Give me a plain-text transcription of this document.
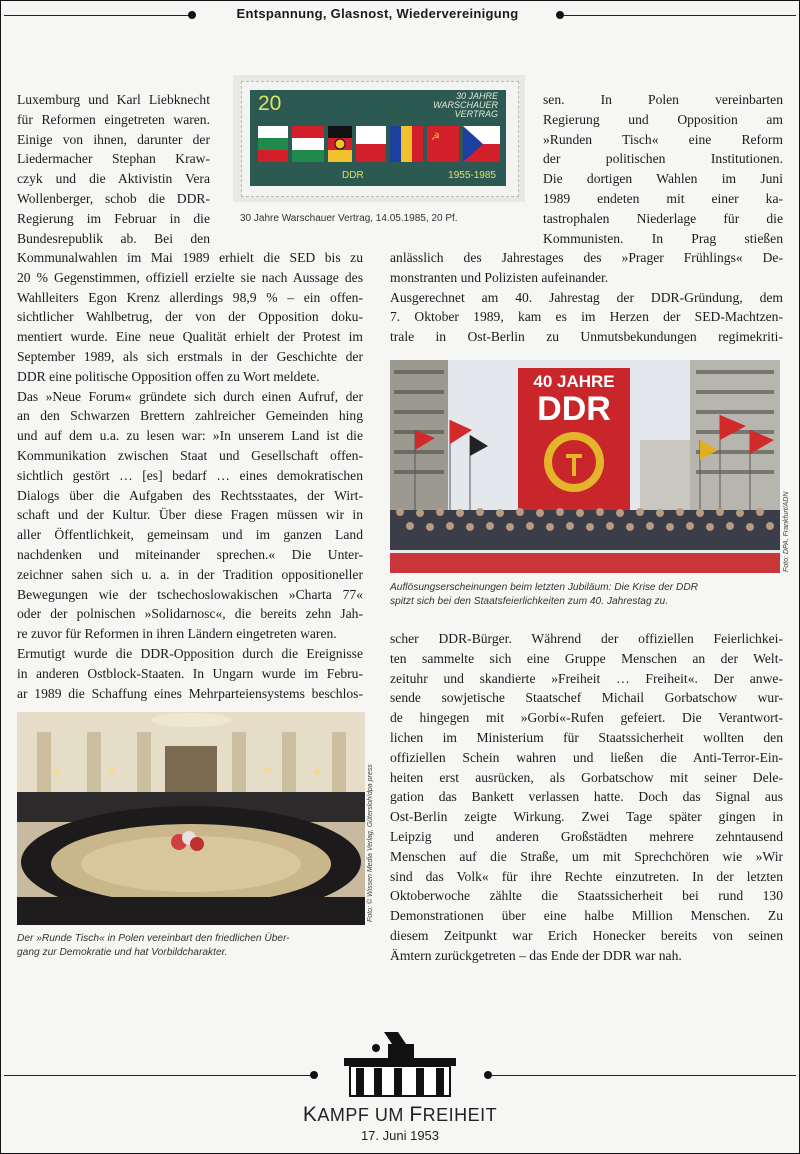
Entspannung, Glasnost, Wiedervereinigung
20	30 JAHRE
WARSCHAUER
VERTRAG
☭
DDR	1955-1985
30 Jahre Warschauer Vertrag, 14.05.1985, 20 Pf.

Luxemburg und Karl Liebknecht

für Reformen eingetreten waren.

Einige von ihnen, darunter der

Liedermacher Stephan Kraw-

czyk und die Aktivistin Vera

Wollenberger, schob die DDR-

Regierung im Februar in die

Bundesrepublik ab. Bei den

Kommunalwahlen im Mai 1989 erhielt die SED bis zu

20 % Gegenstimmen, offiziell erzielte sie nach Aussage des

Wahlleiters Egon Krenz allerdings 98,9 % – ein offen-

sichtlicher Wahlbetrug, der von der Opposition doku-

mentiert wurde. Eine neue Qualität erhielt der Protest im

September 1989, als sich erstmals in der Geschichte der

DDR eine politische Opposition offen zu Wort meldete.

Das »Neue Forum« gründete sich durch einen Aufruf, der

an den Schwarzen Brettern zahlreicher Gemeinden hing

und auf dem u.a. zu lesen war: »In unserem Land ist die

Kommunikation zwischen Staat und Gesellschaft offen-

sichtlich gestört … [es] bedarf … eines demokratischen

Dialogs über die Aufgaben des Rechtsstaates, der Wirt-

schaft und der Kultur. Über diese Fragen müssen wir in

aller Öffentlichkeit, gemeinsam und im ganzen Land

nachdenken und miteinander sprechen.« Die Unter-

zeichner sahen sich u. a. in der Tradition oppositioneller

Bewegungen wie der tschechoslowakischen »Charta 77«

oder der polnischen »Solidarnosc«, die bereits zehn Jah-

re zuvor für Reformen in ihren Ländern eingetreten waren.

Ermutigt wurde die DDR-Opposition durch die Ereignisse

in anderen Ostblock-Staaten. In Ungarn wurde im Febru-

ar 1989 die Schaffung eines Mehrparteiensystems beschlos-

sen. In Polen vereinbarten

Regierung und Opposition am

»Runden Tisch« eine Reform

der politischen Institutionen.

Die dortigen Wahlen im Juni

1989 endeten mit einer ka-

tastrophalen Niederlage für die

Kommunisten. In Prag stießen

anlässlich des Jahrestages des »Prager Frühlings« De-

monstranten und Polizisten aufeinander.

Ausgerechnet am 40. Jahrestag der DDR-Gründung, dem

7. Oktober 1989, kam es im Herzen der SED-Machtzen-

trale in Ost-Berlin zu Unmutsbekundungen regimekriti-

40 JAHRE
DDR
Foto: DPA, Frankfurt/ADN
Auflösungserscheinungen beim letzten Jubiläum: Die Krise der DDR
spitzt sich bei den Staatsfeierlichkeiten zum 40. Jahrestag zu.

scher DDR-Bürger. Während der offiziellen Feierlichkei-

ten sammelte sich eine Gruppe Menschen an der Welt-

zeituhr und skandierte »Freiheit … Freiheit«. Der anwe-

sende sowjetische Staatschef Michail Gorbatschow wur-

de hingegen mit »Gorbi«-Rufen gefeiert. Die Verantwort-

lichen im Ministerium für Staatssicherheit wollten den

offiziellen Schein wahren und ließen die Anti-Terror-Ein-

heiten erst ausrücken, als Gorbatschow mit seiner Dele-

gation das Bankett verlassen hatte. Doch das Signal aus

Ost-Berlin zeigte Wirkung. Zwei Tage später gingen in

Leipzig und anderen Großstädten mehrere zehntausend

Menschen auf die Straße, um mit Sprechchören wie »Wir

sind das Volk« für ihre Rechte einzutreten. In der letzten

Oktoberwoche zählte die Staatssicherheit bei rund 130

Demonstrationen über eine halbe Million Menschen. Zu

diesem Zeitpunkt war Erich Honecker bereits von seinen

Ämtern zurückgetreten – das Ende der DDR war nah.

Foto: © Wissen Media Verlag, Gütersloh/dpa press
Der »Runde Tisch« in Polen vereinbart den friedlichen Über-
gang zur Demokratie und hat Vorbildcharakter.
KAMPF UM FREIHEIT
17. Juni 1953
